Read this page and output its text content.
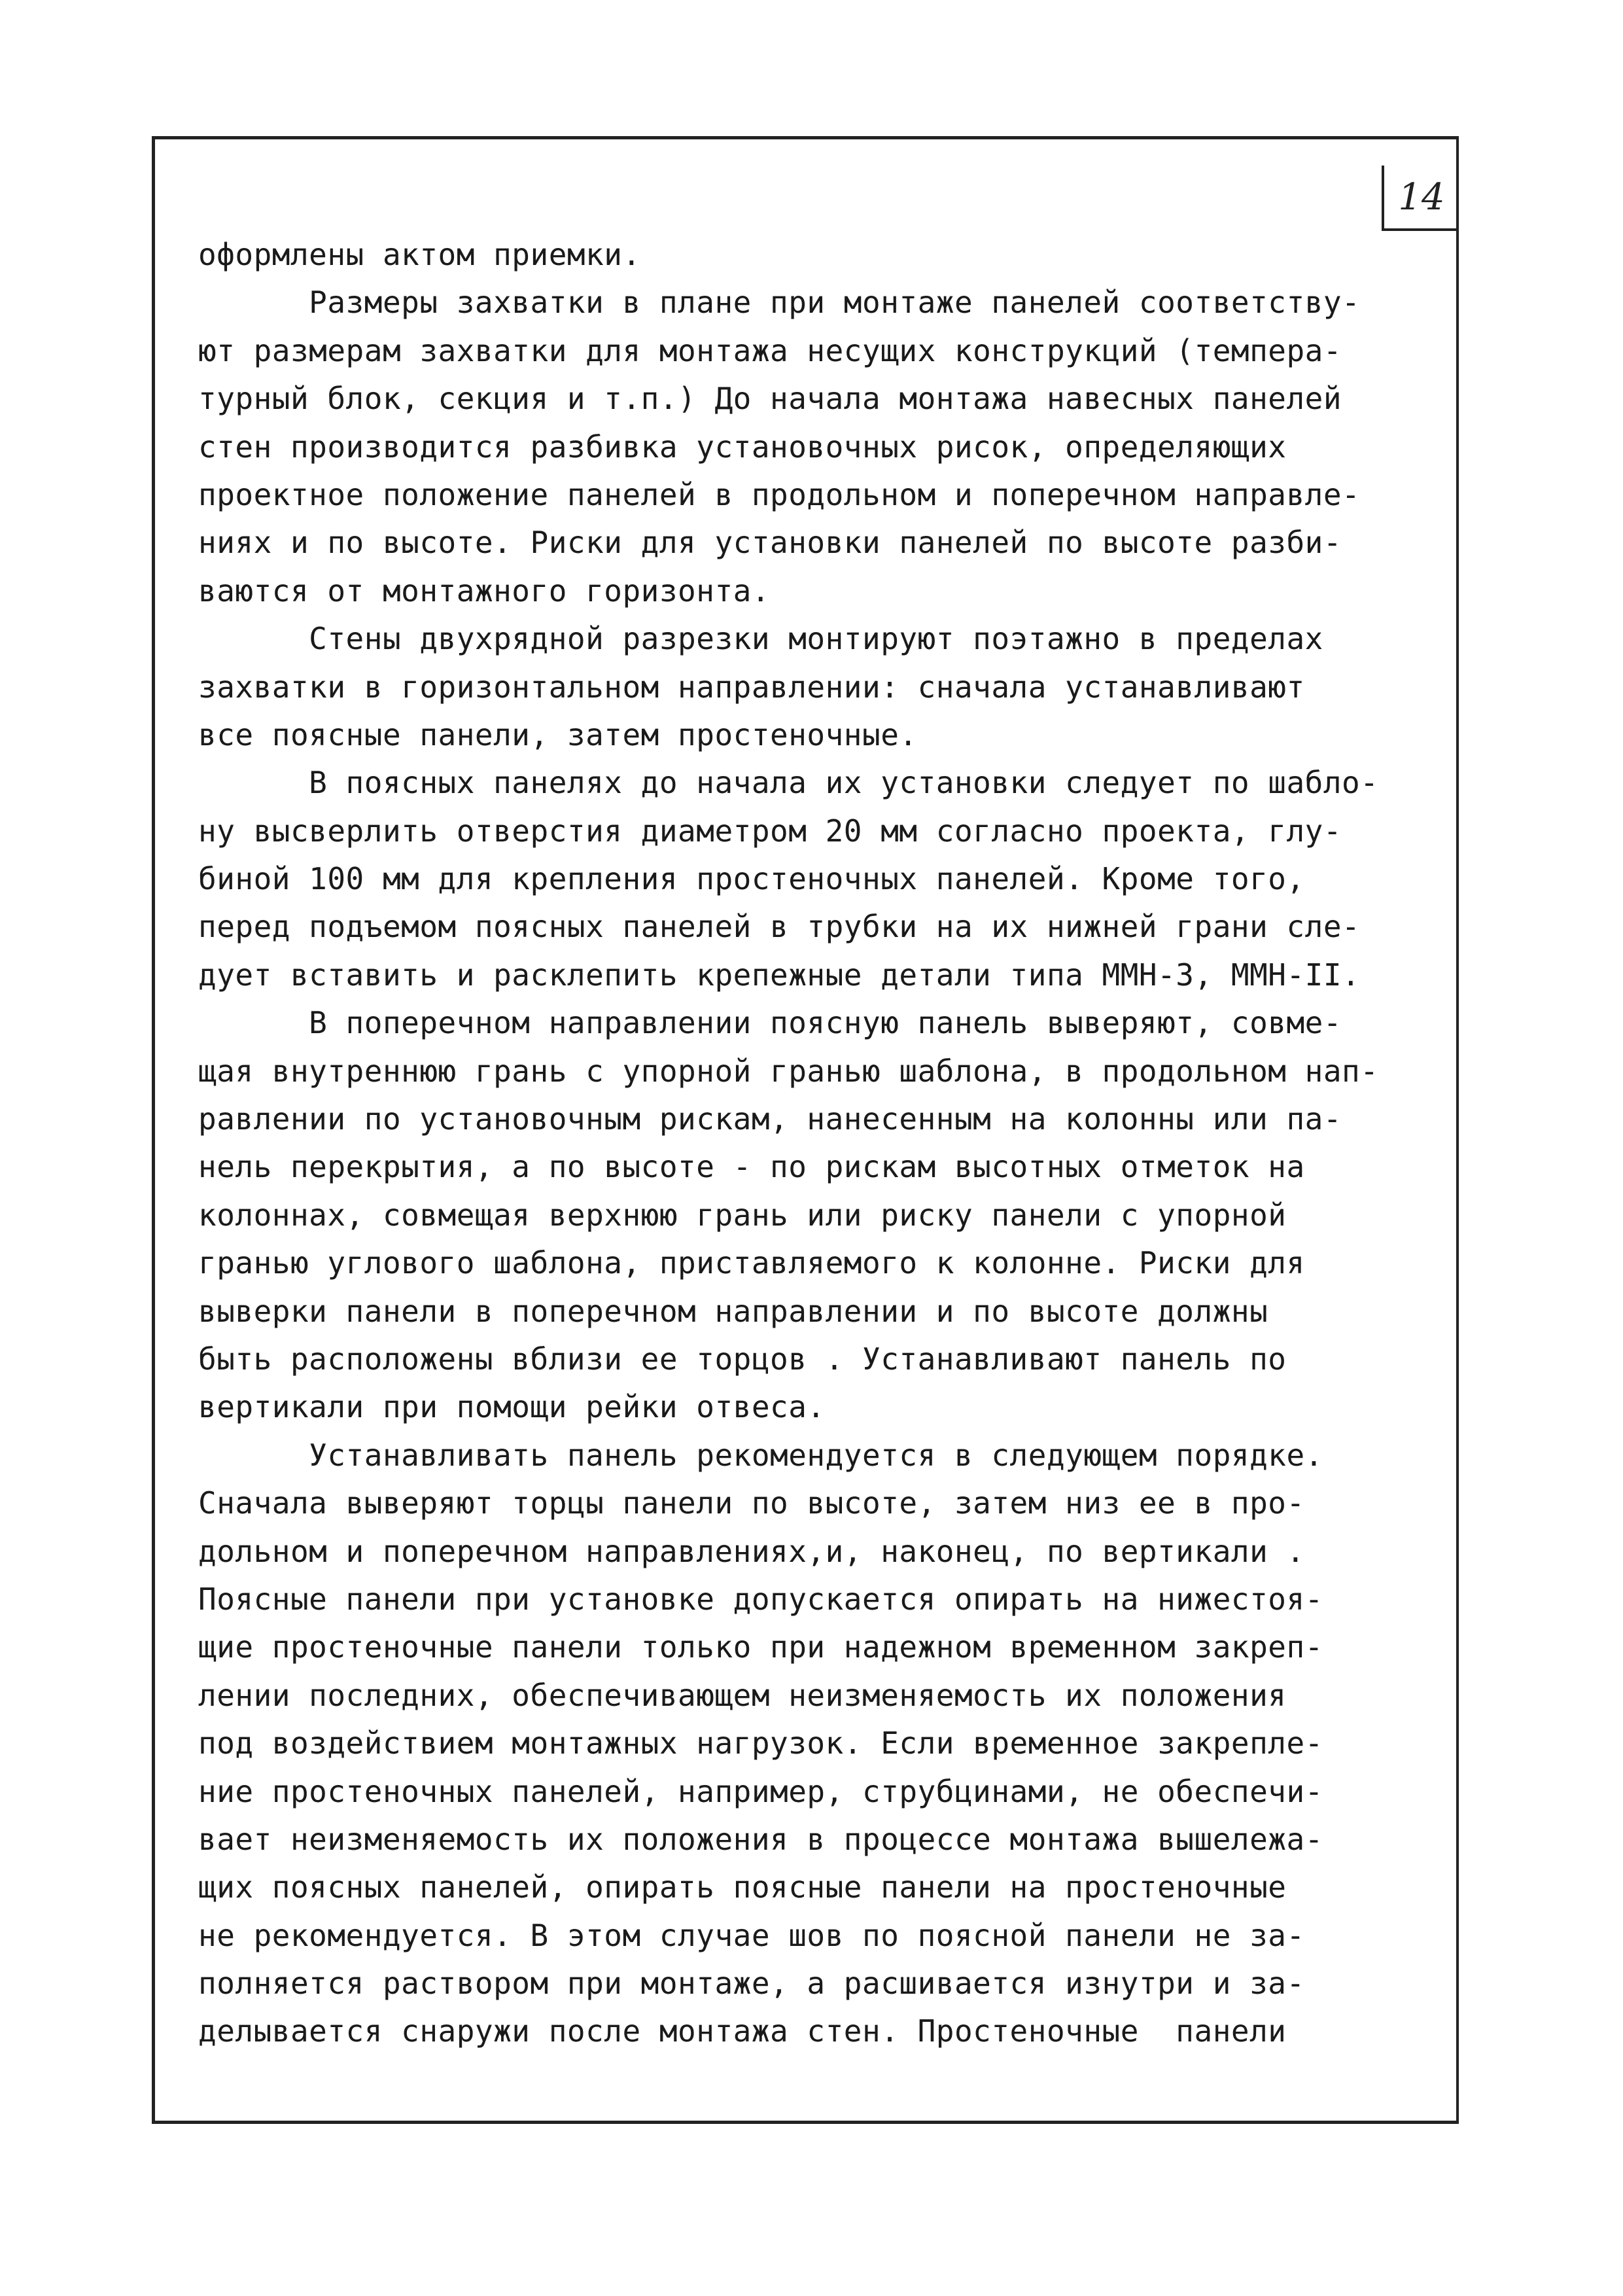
14
оформлены актом приемки.
Размеры захватки в плане при монтаже панелей соответству-
ют размерам захватки для монтажа несущих конструкций (темпера-
турный блок, секция и т.п.) До начала монтажа навесных панелей
стен производится разбивка установочных рисок, определяющих
проектное положение панелей в продольном и поперечном направле-
ниях и по высоте. Риски для установки панелей по высоте разби-
ваются от монтажного горизонта.
Стены двухрядной разрезки монтируют поэтажно в пределах
захватки в горизонтальном направлении: сначала устанавливают
все поясные панели, затем простеночные.
В поясных панелях до начала их установки следует по шабло-
ну высверлить отверстия диаметром 20 мм согласно проекта, глу-
биной 100 мм для крепления простеночных панелей. Кроме того,
перед подъемом поясных панелей в трубки на их нижней грани сле-
дует вставить и расклепить крепежные детали типа ММН-3, ММН-II.
В поперечном направлении поясную панель выверяют, совме-
щая внутреннюю грань с упорной гранью шаблона, в продольном нап-
равлении по установочным рискам, нанесенным на колонны или па-
нель перекрытия, а по высоте - по рискам высотных отметок на
колоннах, совмещая верхнюю грань или риску панели с упорной
гранью углового шаблона, приставляемого к колонне. Риски для
выверки панели в поперечном направлении и по высоте должны
быть расположены вблизи ее торцов . Устанавливают панель по
вертикали при помощи рейки отвеса.
Устанавливать панель рекомендуется в следующем порядке.
Сначала выверяют торцы панели по высоте, затем низ ее в про-
дольном и поперечном направлениях,и, наконец, по вертикали .
Поясные панели при установке допускается опирать на нижестоя-
щие простеночные панели только при надежном временном закреп-
лении последних, обеспечивающем неизменяемость их положения
под воздействием монтажных нагрузок. Если временное закрепле-
ние простеночных панелей, например, струбцинами, не обеспечи-
вает неизменяемость их положения в процессе монтажа вышележа-
щих поясных панелей, опирать поясные панели на простеночные
не рекомендуется. В этом случае шов по поясной панели не за-
полняется раствором при монтаже, а расшивается изнутри и за-
делывается снаружи после монтажа стен. Простеночные  панели
